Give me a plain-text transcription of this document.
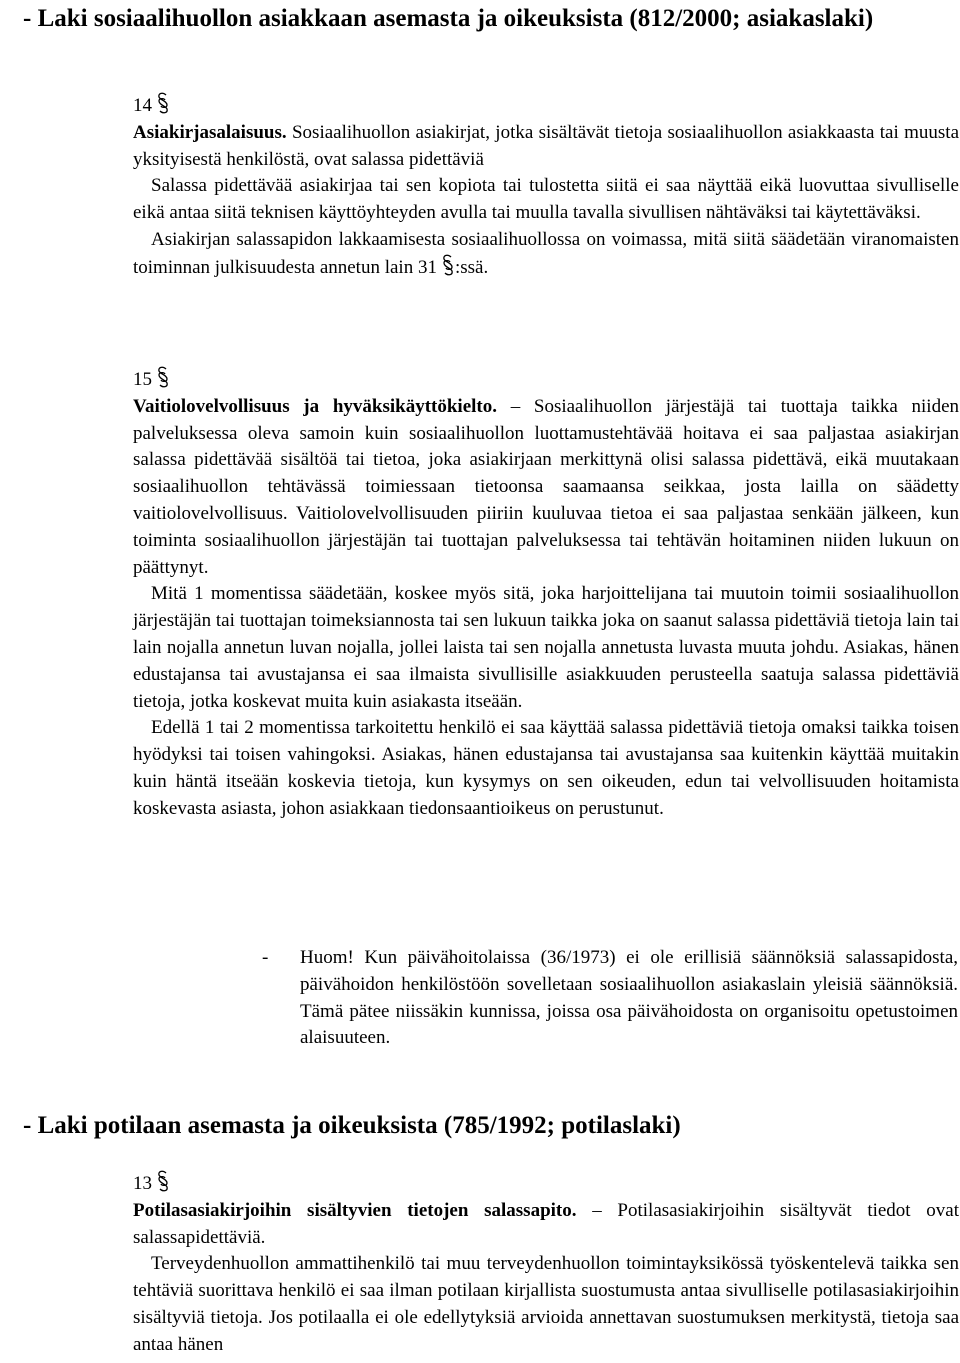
- Laki sosiaalihuollon asiakkaan asemasta ja oikeuksista (812/2000; asiakaslaki)
14

Asiakirjasalaisuus. Sosiaalihuollon asiakirjat, jotka sisältävät tietoja sosiaalihuollon asiakkaasta tai muusta yksityisestä henkilöstä, ovat salassa pidettäviä

Salassa pidettävää asiakirjaa tai sen kopiota tai tulostetta siitä ei saa näyttää eikä luovuttaa sivulliselle eikä antaa siitä teknisen käyttöyhteyden avulla tai muulla tavalla sivullisen nähtäväksi tai käytettäväksi.

Asiakirjan salassapidon lakkaamisesta sosiaalihuollossa on voimassa, mitä siitä säädetään viranomaisten toiminnan julkisuudesta annetun lain 31 :ssä.

15

Vaitiolovelvollisuus ja hyväksikäyttökielto. – Sosiaalihuollon järjestäjä tai tuottaja taikka niiden palveluksessa oleva samoin kuin sosiaalihuollon luottamustehtävää hoitava ei saa paljastaa asiakirjan salassa pidettävää sisältöä tai tietoa, joka asiakirjaan merkittynä olisi salassa pidettävä, eikä muutakaan sosiaalihuollon tehtävässä toimiessaan tietoonsa saamaansa seikkaa, josta lailla on säädetty vaitiolovelvollisuus. Vaitiolovelvollisuuden piiriin kuuluvaa tietoa ei saa paljastaa senkään jälkeen, kun toiminta sosiaalihuollon järjestäjän tai tuottajan palveluksessa tai tehtävän hoitaminen niiden lukuun on päättynyt.

Mitä 1 momentissa säädetään, koskee myös sitä, joka harjoittelijana tai muutoin toimii sosiaalihuollon järjestäjän tai tuottajan toimeksiannosta tai sen lukuun taikka joka on saanut salassa pidettäviä tietoja lain tai lain nojalla annetun luvan nojalla, jollei laista tai sen nojalla annetusta luvasta muuta johdu. Asiakas, hänen edustajansa tai avustajansa ei saa ilmaista sivullisille asiakkuuden perusteella saatuja salassa pidettäviä tietoja, jotka koskevat muita kuin asiakasta itseään.

Edellä 1 tai 2 momentissa tarkoitettu henkilö ei saa käyttää salassa pidettäviä tietoja omaksi taikka toisen hyödyksi tai toisen vahingoksi. Asiakas, hänen edustajansa tai avustajansa saa kuitenkin käyttää muitakin kuin häntä itseään koskevia tietoja, kun kysymys on sen oikeuden, edun tai velvollisuuden hoitamista koskevasta asiasta, johon asiakkaan tiedonsaantioikeus on perustunut.

- Huom! Kun päivähoitolaissa (36/1973) ei ole erillisiä säännöksiä salassapidosta, päivähoidon henkilöstöön sovelletaan sosiaalihuollon asiakaslain yleisiä säännöksiä. Tämä pätee niissäkin kunnissa, joissa osa päivähoidosta on organisoitu opetustoimen alaisuuteen.

- Laki potilaan asemasta ja oikeuksista (785/1992; potilaslaki)
13

Potilasasiakirjoihin sisältyvien tietojen salassapito. – Potilasasiakirjoihin sisältyvät tiedot ovat salassapidettäviä.

Terveydenhuollon ammattihenkilö tai muu terveydenhuollon toimintayksikössä työskentelevä taikka sen tehtäviä suorittava henkilö ei saa ilman potilaan kirjallista suostumusta antaa sivulliselle potilasasiakirjoihin sisältyviä tietoja. Jos potilaalla ei ole edellytyksiä arvioida annettavan suostumuksen merkitystä, tietoja saa antaa hänen
